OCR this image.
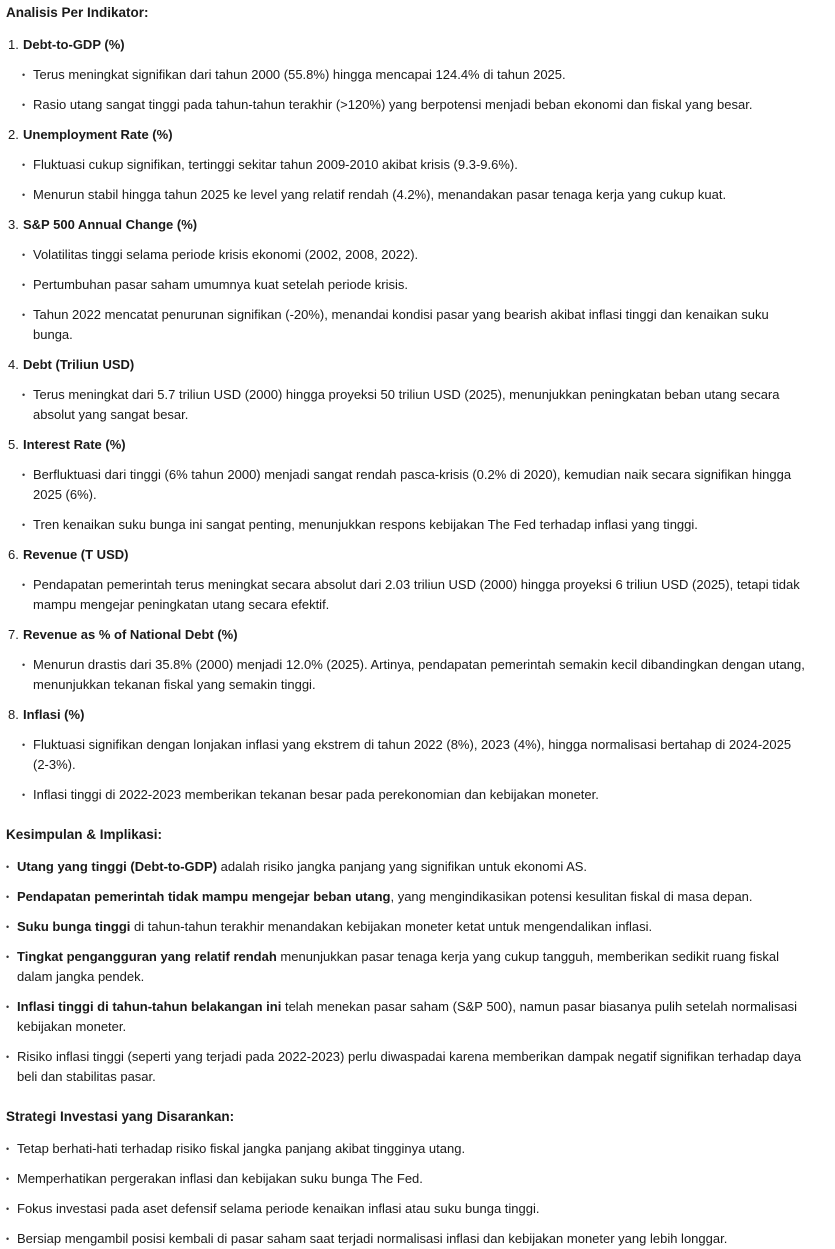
Analisis Per Indikator:
1. Debt-to-GDP (%)
• Terus meningkat signifikan dari tahun 2000 (55.8%) hingga mencapai 124.4% di tahun 2025.
• Rasio utang sangat tinggi pada tahun-tahun terakhir (>120%) yang berpotensi menjadi beban ekonomi dan fiskal yang besar.
2. Unemployment Rate (%)
• Fluktuasi cukup signifikan, tertinggi sekitar tahun 2009-2010 akibat krisis (9.3-9.6%).
• Menurun stabil hingga tahun 2025 ke level yang relatif rendah (4.2%), menandakan pasar tenaga kerja yang cukup kuat.
3. S&P 500 Annual Change (%)
• Volatilitas tinggi selama periode krisis ekonomi (2002, 2008, 2022).
• Pertumbuhan pasar saham umumnya kuat setelah periode krisis.
• Tahun 2022 mencatat penurunan signifikan (-20%), menandai kondisi pasar yang bearish akibat inflasi tinggi dan kenaikan suku bunga.
4. Debt (Triliun USD)
• Terus meningkat dari 5.7 triliun USD (2000) hingga proyeksi 50 triliun USD (2025), menunjukkan peningkatan beban utang secara absolut yang sangat besar.
5. Interest Rate (%)
• Berfluktuasi dari tinggi (6% tahun 2000) menjadi sangat rendah pasca-krisis (0.2% di 2020), kemudian naik secara signifikan hingga 2025 (6%).
• Tren kenaikan suku bunga ini sangat penting, menunjukkan respons kebijakan The Fed terhadap inflasi yang tinggi.
6. Revenue (T USD)
• Pendapatan pemerintah terus meningkat secara absolut dari 2.03 triliun USD (2000) hingga proyeksi 6 triliun USD (2025), tetapi tidak mampu mengejar peningkatan utang secara efektif.
7. Revenue as % of National Debt (%)
• Menurun drastis dari 35.8% (2000) menjadi 12.0% (2025). Artinya, pendapatan pemerintah semakin kecil dibandingkan dengan utang, menunjukkan tekanan fiskal yang semakin tinggi.
8. Inflasi (%)
• Fluktuasi signifikan dengan lonjakan inflasi yang ekstrem di tahun 2022 (8%), 2023 (4%), hingga normalisasi bertahap di 2024-2025 (2-3%).
• Inflasi tinggi di 2022-2023 memberikan tekanan besar pada perekonomian dan kebijakan moneter.
Kesimpulan & Implikasi:
• Utang yang tinggi (Debt-to-GDP) adalah risiko jangka panjang yang signifikan untuk ekonomi AS.
• Pendapatan pemerintah tidak mampu mengejar beban utang, yang mengindikasikan potensi kesulitan fiskal di masa depan.
• Suku bunga tinggi di tahun-tahun terakhir menandakan kebijakan moneter ketat untuk mengendalikan inflasi.
• Tingkat pengangguran yang relatif rendah menunjukkan pasar tenaga kerja yang cukup tangguh, memberikan sedikit ruang fiskal dalam jangka pendek.
• Inflasi tinggi di tahun-tahun belakangan ini telah menekan pasar saham (S&P 500), namun pasar biasanya pulih setelah normalisasi kebijakan moneter.
• Risiko inflasi tinggi (seperti yang terjadi pada 2022-2023) perlu diwaspadai karena memberikan dampak negatif signifikan terhadap daya beli dan stabilitas pasar.
Strategi Investasi yang Disarankan:
• Tetap berhati-hati terhadap risiko fiskal jangka panjang akibat tingginya utang.
• Memperhatikan pergerakan inflasi dan kebijakan suku bunga The Fed.
• Fokus investasi pada aset defensif selama periode kenaikan inflasi atau suku bunga tinggi.
• Bersiap mengambil posisi kembali di pasar saham saat terjadi normalisasi inflasi dan kebijakan moneter yang lebih longgar.
